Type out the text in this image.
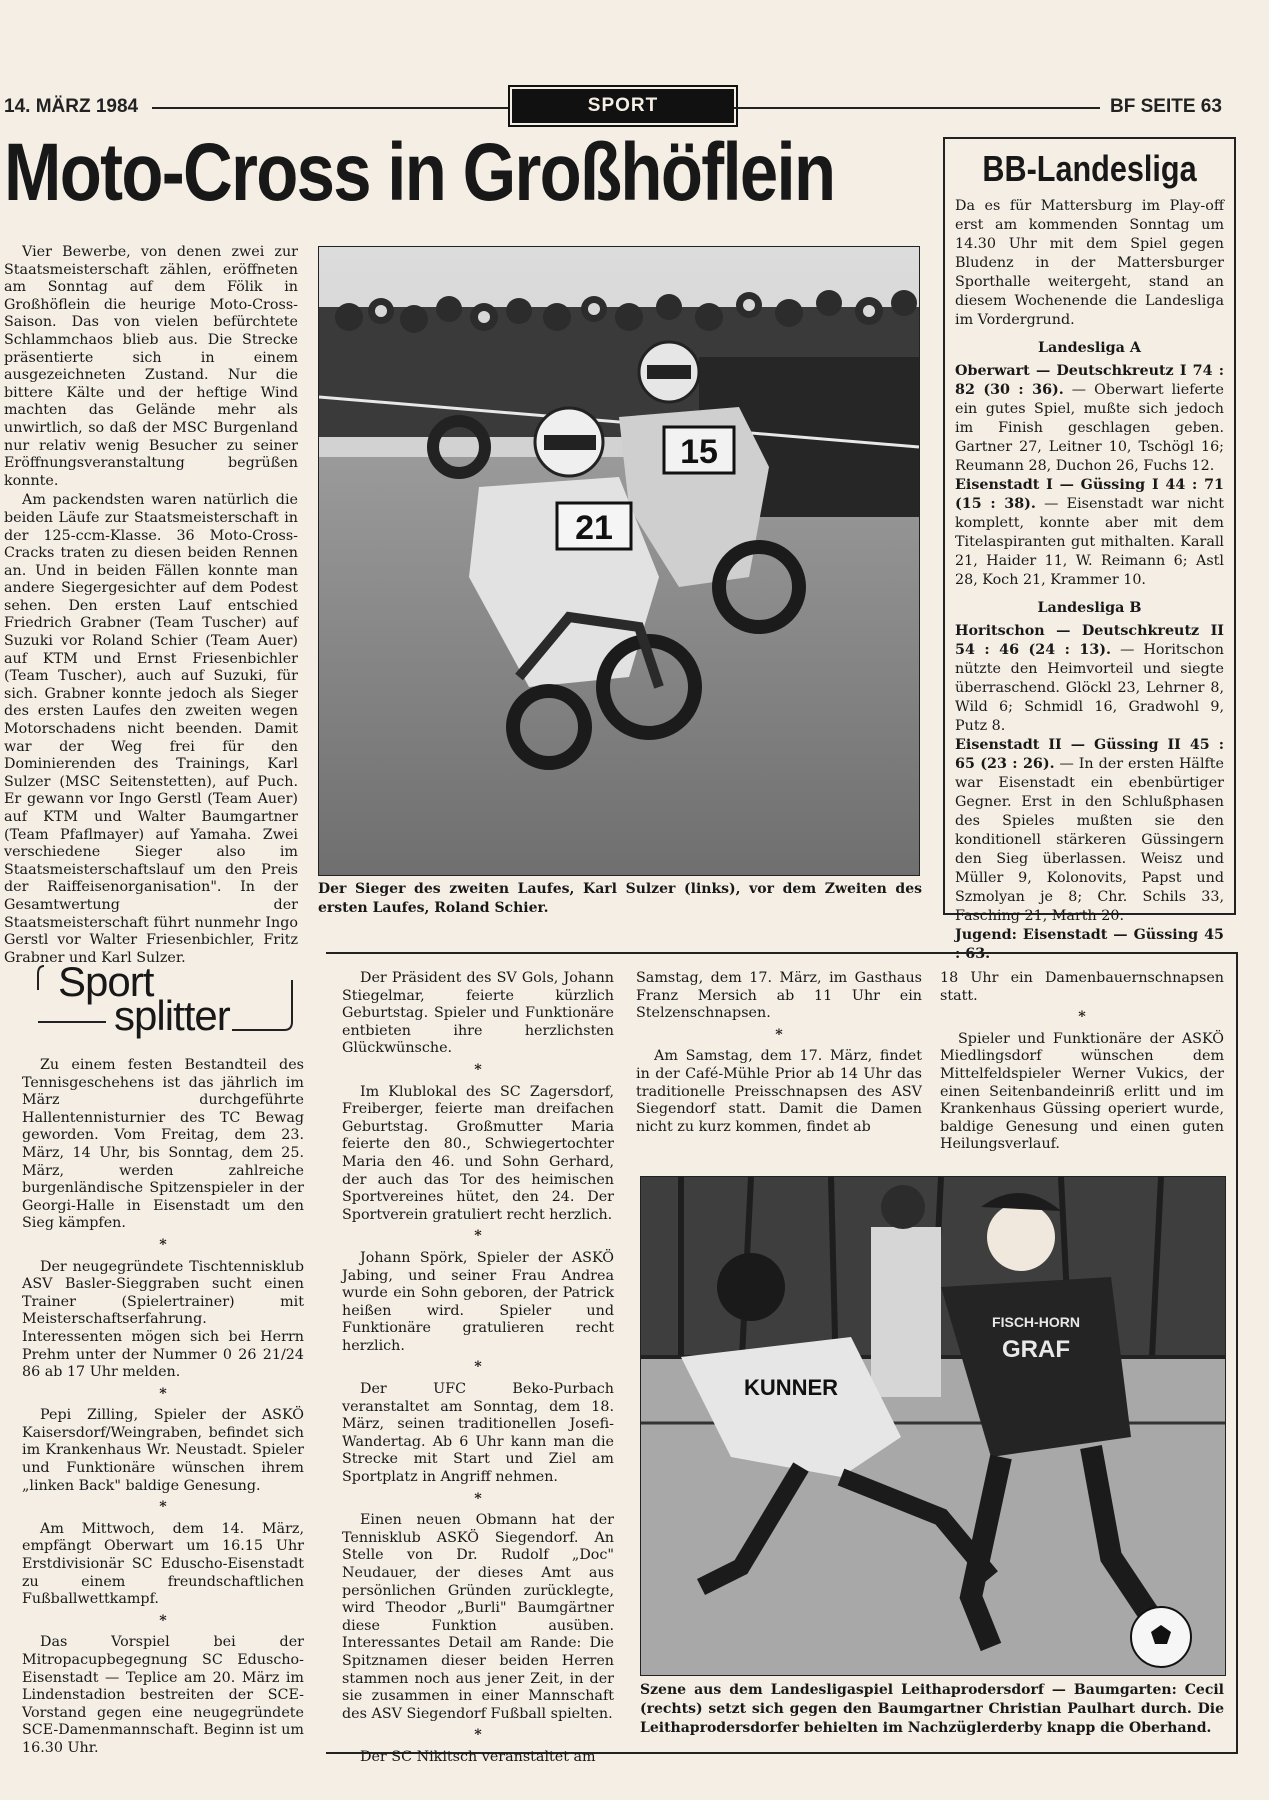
14. MÄRZ 1984	SPORT	BF SEITE 63
Moto-Cross in Großhöflein

Vier Bewerbe, von denen zwei zur Staatsmeisterschaft zählen, eröffneten am Sonntag auf dem Fölik in Großhöflein die heurige Moto-Cross-Saison. Das von vielen befürchtete Schlammchaos blieb aus. Die Strecke präsentierte sich in einem ausgezeichneten Zustand. Nur die bittere Kälte und der heftige Wind machten das Gelände mehr als unwirtlich, so daß der MSC Burgenland nur relativ wenig Besucher zu seiner Eröffnungsveranstaltung begrüßen konnte.

Am packendsten waren natürlich die beiden Läufe zur Staatsmeisterschaft in der 125-ccm-Klasse. 36 Moto-Cross-Cracks traten zu diesen beiden Rennen an. Und in beiden Fällen konnte man andere Siegergesichter auf dem Podest sehen. Den ersten Lauf entschied Friedrich Grabner (Team Tuscher) auf Suzuki vor Roland Schier (Team Auer) auf KTM und Ernst Friesenbichler (Team Tuscher), auch auf Suzuki, für sich. Grabner konnte jedoch als Sieger des ersten Laufes den zweiten wegen Motorschadens nicht beenden. Damit war der Weg frei für den Dominierenden des Trainings, Karl Sulzer (MSC Seitenstetten), auf Puch. Er gewann vor Ingo Gerstl (Team Auer) auf KTM und Walter Baumgartner (Team Pfaflmayer) auf Yamaha. Zwei verschiedene Sieger also im Staatsmeisterschaftslauf um den Preis der Raiffeisenorganisation". In der Gesamtwertung der Staatsmeisterschaft führt nunmehr Ingo Gerstl vor Walter Friesenbichler, Fritz Grabner und Karl Sulzer.

15
21
Der Sieger des zweiten Laufes, Karl Sulzer (links), vor dem Zweiten des ersten Laufes, Roland Schier.
BB-Landesliga

Da es für Mattersburg im Play-off erst am kommenden Sonntag um 14.30 Uhr mit dem Spiel gegen Bludenz in der Mattersburger Sporthalle weitergeht, stand an diesem Wochenende die Landesliga im Vordergrund.

Landesliga A

Oberwart — Deutschkreutz I 74 : 82 (30 : 36). — Oberwart lieferte ein gutes Spiel, mußte sich jedoch im Finish geschlagen geben. Gartner 27, Leitner 10, Tschögl 16; Reumann 28, Duchon 26, Fuchs 12.

Eisenstadt I — Güssing I 44 : 71 (15 : 38). — Eisenstadt war nicht komplett, konnte aber mit dem Titelaspiranten gut mithalten. Karall 21, Haider 11, W. Reimann 6; Astl 28, Koch 21, Krammer 10.

Landesliga B

Horitschon — Deutschkreutz II 54 : 46 (24 : 13). — Horitschon nützte den Heimvorteil und siegte überraschend. Glöckl 23, Lehrner 8, Wild 6; Schmidl 16, Gradwohl 9, Putz 8.

Eisenstadt II — Güssing II 45 : 65 (23 : 26). — In der ersten Hälfte war Eisenstadt ein ebenbürtiger Gegner. Erst in den Schlußphasen des Spieles mußten sie den konditionell stärkeren Güssingern den Sieg überlassen. Weisz und Müller 9, Kolonovits, Papst und Szmolyan je 8; Chr. Schils 33, Fasching 21, Marth 20.

Jugend: Eisenstadt — Güssing 45 : 63.

Sport
splitter

Zu einem festen Bestandteil des Tennisgeschehens ist das jährlich im März durchgeführte Hallentennisturnier des TC Bewag geworden. Vom Freitag, dem 23. März, 14 Uhr, bis Sonntag, dem 25. März, werden zahlreiche burgenländische Spitzenspieler in der Georgi-Halle in Eisenstadt um den Sieg kämpfen.

*

Der neugegründete Tischtennisklub ASV Basler-Sieggraben sucht einen Trainer (Spielertrainer) mit Meisterschaftserfahrung. Interessenten mögen sich bei Herrn Prehm unter der Nummer 0 26 21/24 86 ab 17 Uhr melden.

*

Pepi Zilling, Spieler der ASKÖ Kaisersdorf/Weingraben, befindet sich im Krankenhaus Wr. Neustadt. Spieler und Funktionäre wünschen ihrem „linken Back" baldige Genesung.

*

Am Mittwoch, dem 14. März, empfängt Oberwart um 16.15 Uhr Erstdivisionär SC Eduscho-Eisenstadt zu einem freundschaftlichen Fußballwettkampf.

*

Das Vorspiel bei der Mitropacupbegegnung SC Eduscho-Eisenstadt — Teplice am 20. März im Lindenstadion bestreiten der SCE-Vorstand gegen eine neugegründete SCE-Damenmannschaft. Beginn ist um 16.30 Uhr.

Der Präsident des SV Gols, Johann Stiegelmar, feierte kürzlich Geburtstag. Spieler und Funktionäre entbieten ihre herzlichsten Glückwünsche.

*

Im Klublokal des SC Zagersdorf, Freiberger, feierte man dreifachen Geburtstag. Großmutter Maria feierte den 80., Schwiegertochter Maria den 46. und Sohn Gerhard, der auch das Tor des heimischen Sportvereines hütet, den 24. Der Sportverein gratuliert recht herzlich.

*

Johann Spörk, Spieler der ASKÖ Jabing, und seiner Frau Andrea wurde ein Sohn geboren, der Patrick heißen wird. Spieler und Funktionäre gratulieren recht herzlich.

*

Der UFC Beko-Purbach veranstaltet am Sonntag, dem 18. März, seinen traditionellen Josefi-Wandertag. Ab 6 Uhr kann man die Strecke mit Start und Ziel am Sportplatz in Angriff nehmen.

*

Einen neuen Obmann hat der Tennisklub ASKÖ Siegendorf. An Stelle von Dr. Rudolf „Doc" Neudauer, der dieses Amt aus persönlichen Gründen zurücklegte, wird Theodor „Burli" Baumgärtner diese Funktion ausüben. Interessantes Detail am Rande: Die Spitznamen dieser beiden Herren stammen noch aus jener Zeit, in der sie zusammen in einer Mannschaft des ASV Siegendorf Fußball spielten.

*

Der SC Nikitsch veranstaltet am

Samstag, dem 17. März, im Gasthaus Franz Mersich ab 11 Uhr ein Stelzenschnapsen.

*

Am Samstag, dem 17. März, findet in der Café-Mühle Prior ab 14 Uhr das traditionelle Preisschnapsen des ASV Siegendorf statt. Damit die Damen nicht zu kurz kommen, findet ab

18 Uhr ein Damenbauernschnapsen statt.

*

Spieler und Funktionäre der ASKÖ Miedlingsdorf wünschen dem Mittelfeldspieler Werner Vukics, der einen Seitenbandeinriß erlitt und im Krankenhaus Güssing operiert wurde, baldige Genesung und einen guten Heilungsverlauf.

KUNNER
FISCH-HORN
GRAF
Szene aus dem Landesligaspiel Leithaprodersdorf — Baumgarten: Cecil (rechts) setzt sich gegen den Baumgartner Christian Paulhart durch. Die Leithaprodersdorfer behielten im Nachzüglerderby knapp die Oberhand.
